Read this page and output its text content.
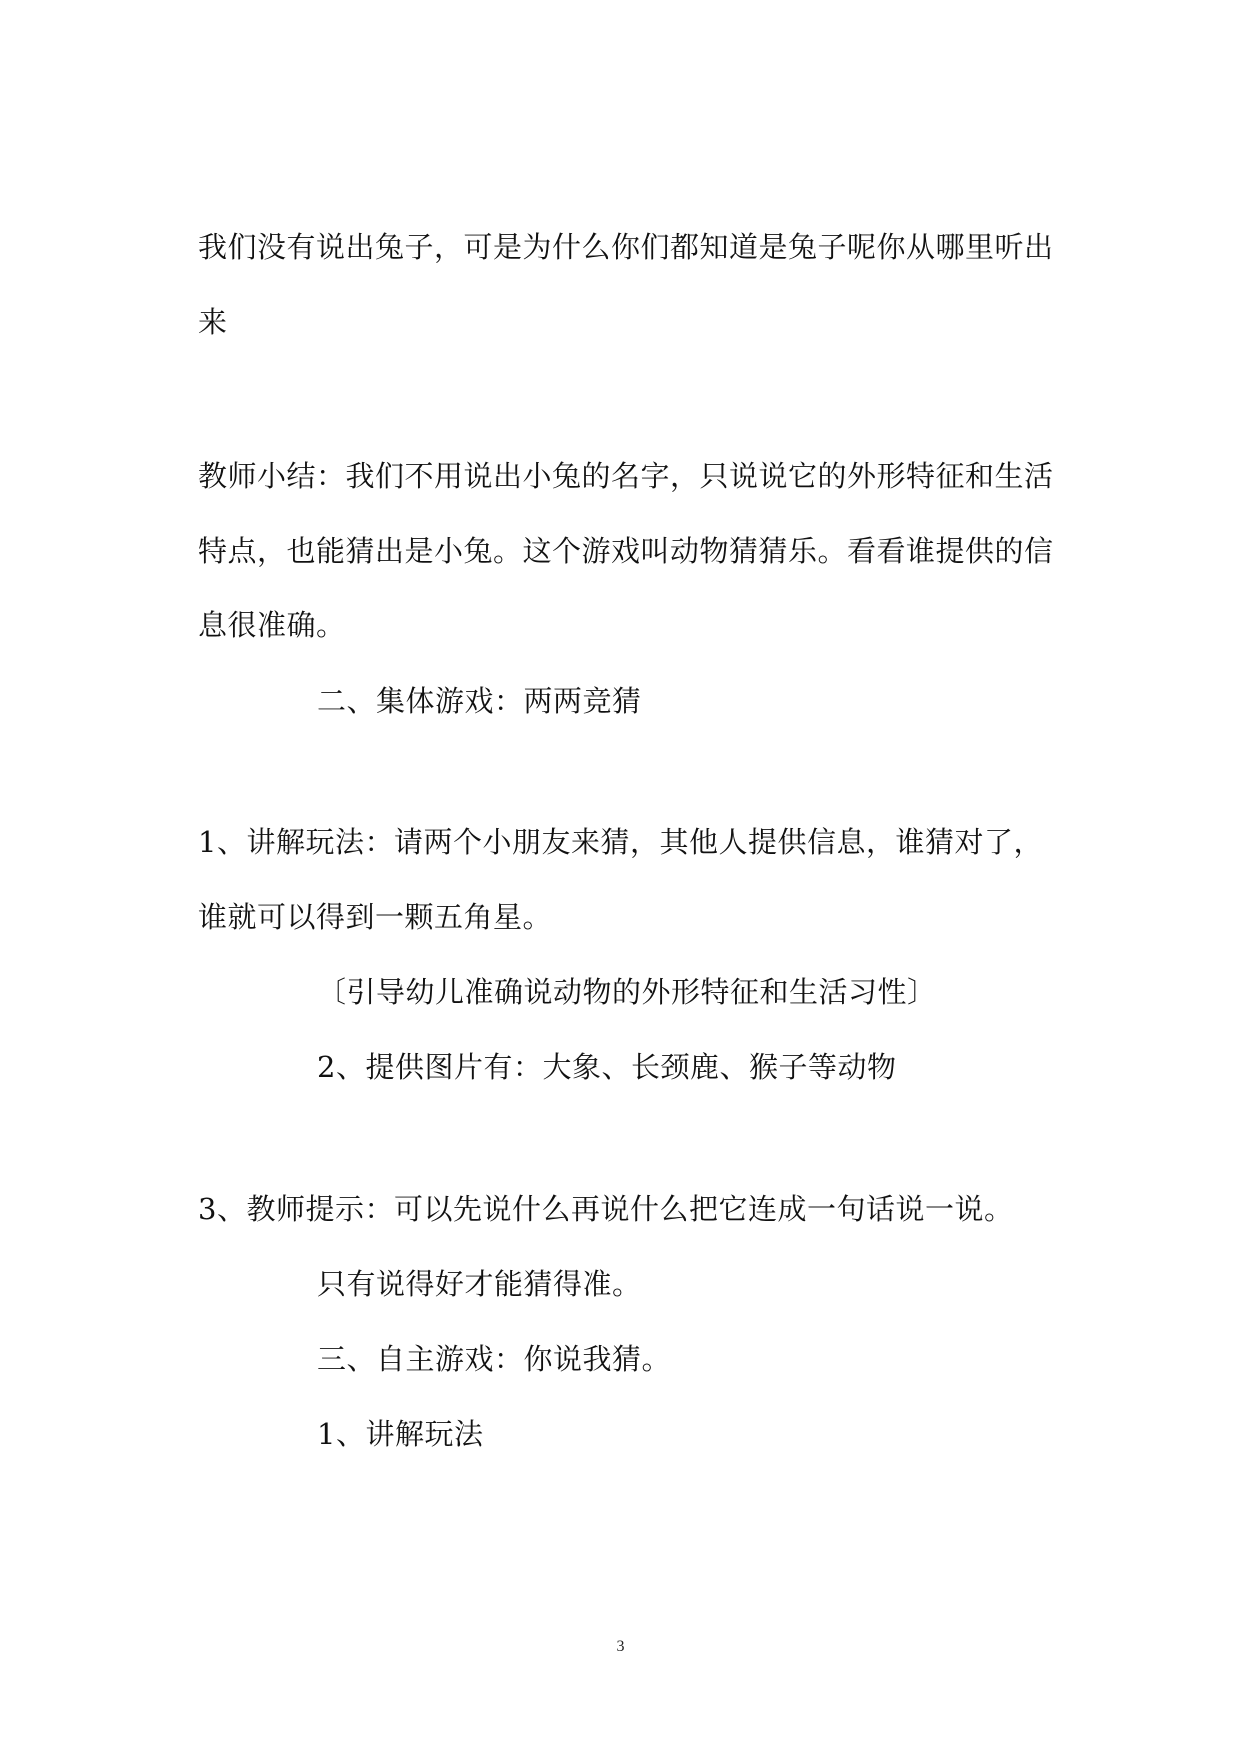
我们没有说出兔子，可是为什么你们都知道是兔子呢你从哪里听出
来
教师小结：我们不用说出小兔的名字，只说说它的外形特征和生活
特点，也能猜出是小兔。这个游戏叫动物猜猜乐。看看谁提供的信
息很准确。
二、集体游戏：两两竞猜
1、讲解玩法：请两个小朋友来猜，其他人提供信息，谁猜对了，
谁就可以得到一颗五角星。
〔引导幼儿准确说动物的外形特征和生活习性〕
2、提供图片有：大象、长颈鹿、猴子等动物
3、教师提示：可以先说什么再说什么把它连成一句话说一说。
只有说得好才能猜得准。
三、自主游戏：你说我猜。
1、讲解玩法
3
